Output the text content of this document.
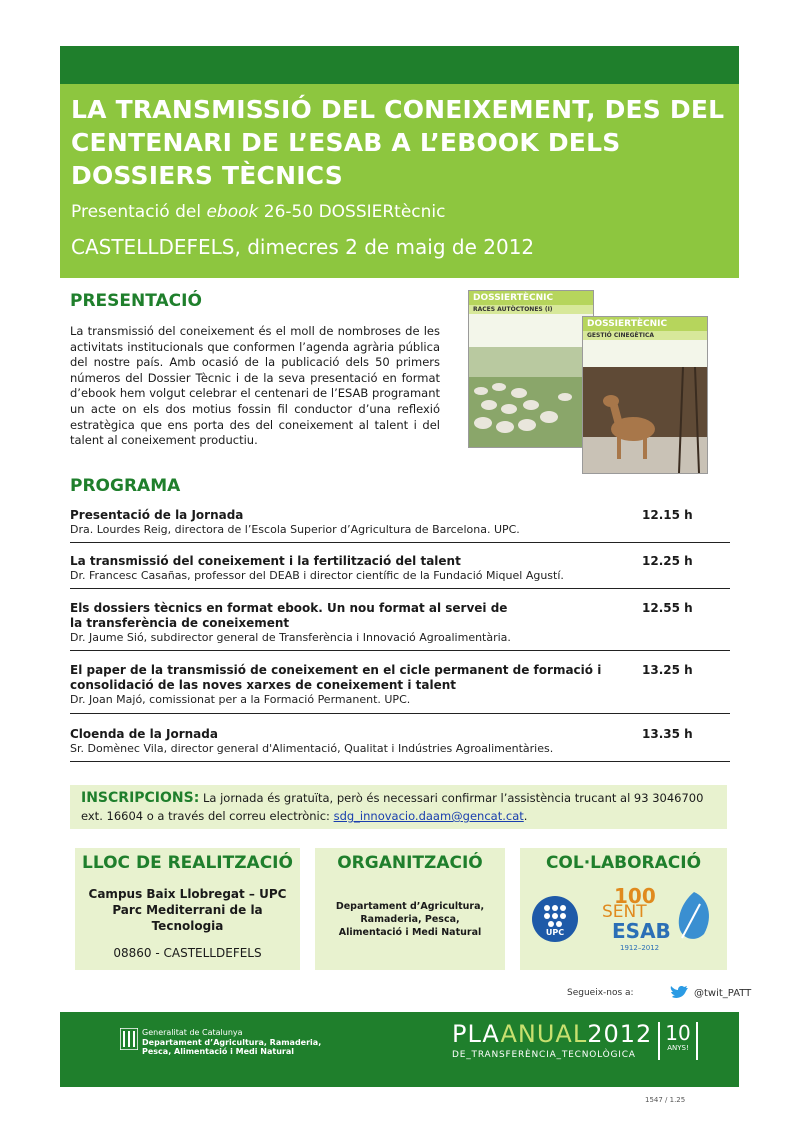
LA TRANSMISSIÓ DEL CONEIXEMENT, DES DEL CENTENARI DE L’ESAB A L’EBOOK DELS DOSSIERS TÈCNICS
Presentació del ebook 26-50 DOSSIERtècnic
CASTELLDEFELS, dimecres 2 de maig de 2012
PRESENTACIÓ
La transmissió del coneixement és el moll de nombroses de les activitats institucionals que conformen l’agenda agrària pública del nostre país. Amb ocasió de la publicació dels 50 primers números del Dossier Tècnic i de la seva presentació en format d’ebook hem volgut celebrar el centenari de l’ESAB programant un acte on els dos motius fossin fil conductor d’una reflexió estratègica que ens porta des del coneixement al talent i del talent al coneixement productiu.
DOSSIERTÈCNIC
RACES AUTÒCTONES (I)
DOSSIERTÈCNIC
GESTIÓ CINEGÈTICA
PROGRAMA
Presentació de la Jornada
Dra. Lourdes Reig, directora de l’Escola Superior d’Agricultura de Barcelona. UPC.
12.15 h
La transmissió del coneixement i la fertilització del talent
Dr. Francesc Casañas, professor del DEAB i director científic de la Fundació Miquel Agustí.
12.25 h
Els dossiers tècnics en format ebook. Un nou format al servei de la transferència de coneixement
Dr. Jaume Sió, subdirector general de Transferència i Innovació Agroalimentària.
12.55 h
El paper de la transmissió de coneixement en el cicle permanent de formació i consolidació de las noves xarxes de coneixement i talent
Dr. Joan Majó, comissionat per a la Formació Permanent. UPC.
13.25 h
Cloenda de la Jornada
Sr. Domènec Vila, director general d'Alimentació, Qualitat i Indústries Agroalimentàries.
13.35 h
INSCRIPCIONS: La jornada és gratuïta, però és necessari confirmar l’assistència trucant al 93 3046700 ext. 16604 o a través del correu electrònic: sdg_innovacio.daam@gencat.cat.
LLOC DE REALITZACIÓ
Campus Baix Llobregat – UPC
Parc Mediterrani de la Tecnologia
08860 - CASTELLDEFELS
ORGANITZACIÓ
Departament d’Agricultura, Ramaderia, Pesca, Alimentació i Medi Natural
COL·LABORACIÓ
UPC
100
SENT
ESAB
1912–2012
Segueix-nos a:	@twit_PATT
Generalitat de Catalunya
Departament d’Agricultura, Ramaderia,
Pesca, Alimentació i Medi Natural
PLAANUAL2012
DE_TRANSFERÈNCIA_TECNOLÒGICA
10
ANYS!
1547 / 1.25
